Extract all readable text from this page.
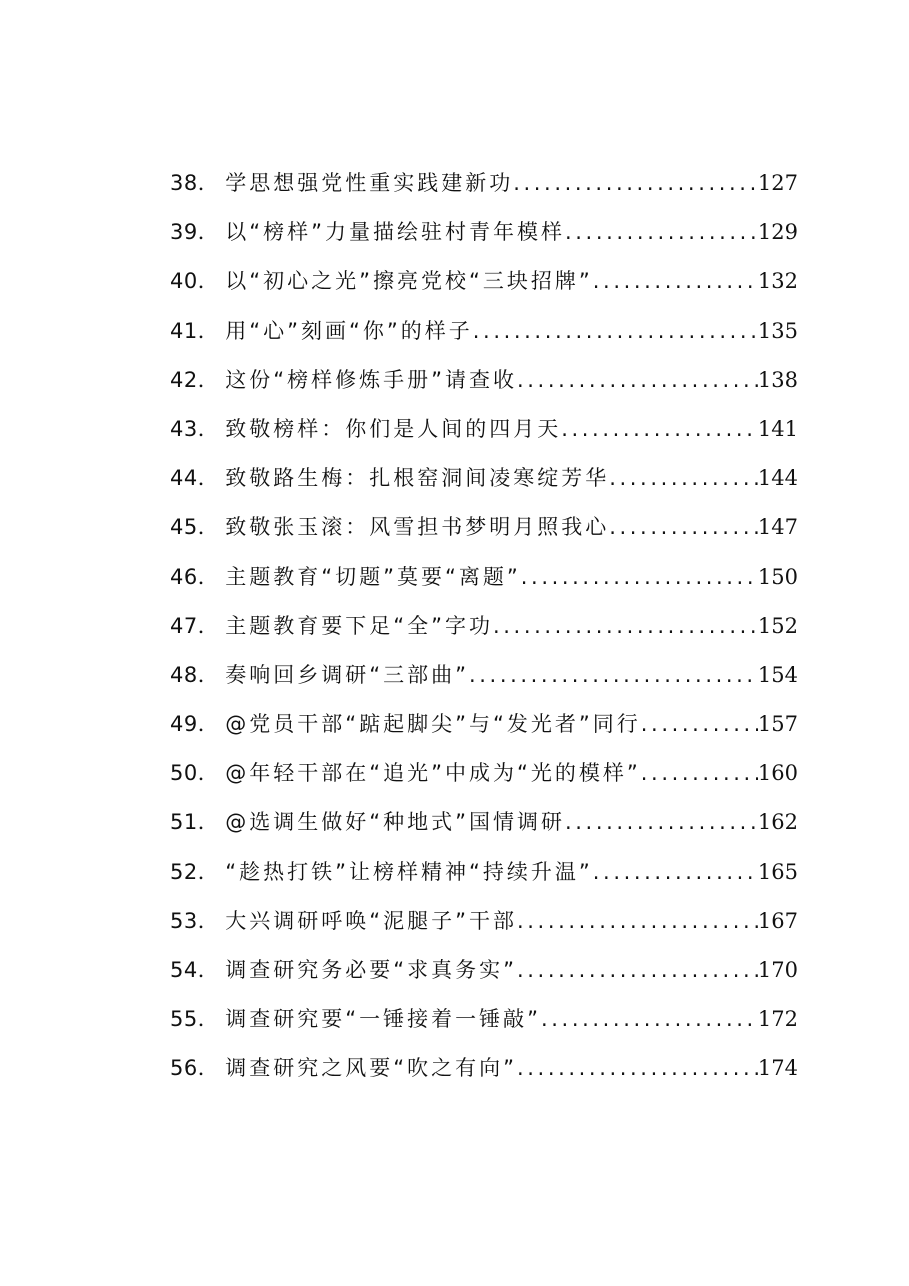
38． 学思想强党性重实践建新功 .....	127
39． 以“榜样”力量描绘驻村青年模样 .....	129
40． 以“初心之光”擦亮党校“三块招牌” .....	132
41． 用“心”刻画“你”的样子 .....	135
42． 这份“榜样修炼手册”请查收 .....	138
43． 致敬榜样：你们是人间的四月天 .....	141
44． 致敬路生梅：扎根窑洞间凌寒绽芳华 .....	144
45． 致敬张玉滚：风雪担书梦明月照我心 .....	147
46． 主题教育“切题”莫要“离题” .....	150
47． 主题教育要下足“全”字功 .....	152
48． 奏响回乡调研“三部曲” .....	154
49． @党员干部“踮起脚尖”与“发光者”同行 .....	157
50． @年轻干部在“追光”中成为“光的模样” .....	160
51． @选调生做好“种地式”国情调研 .....	162
52． “趁热打铁”让榜样精神“持续升温” .....	165
53． 大兴调研呼唤“泥腿子”干部 .....	167
54． 调查研究务必要“求真务实” .....	170
55． 调查研究要“一锤接着一锤敲” .....	172
56． 调查研究之风要“吹之有向” .....	174
